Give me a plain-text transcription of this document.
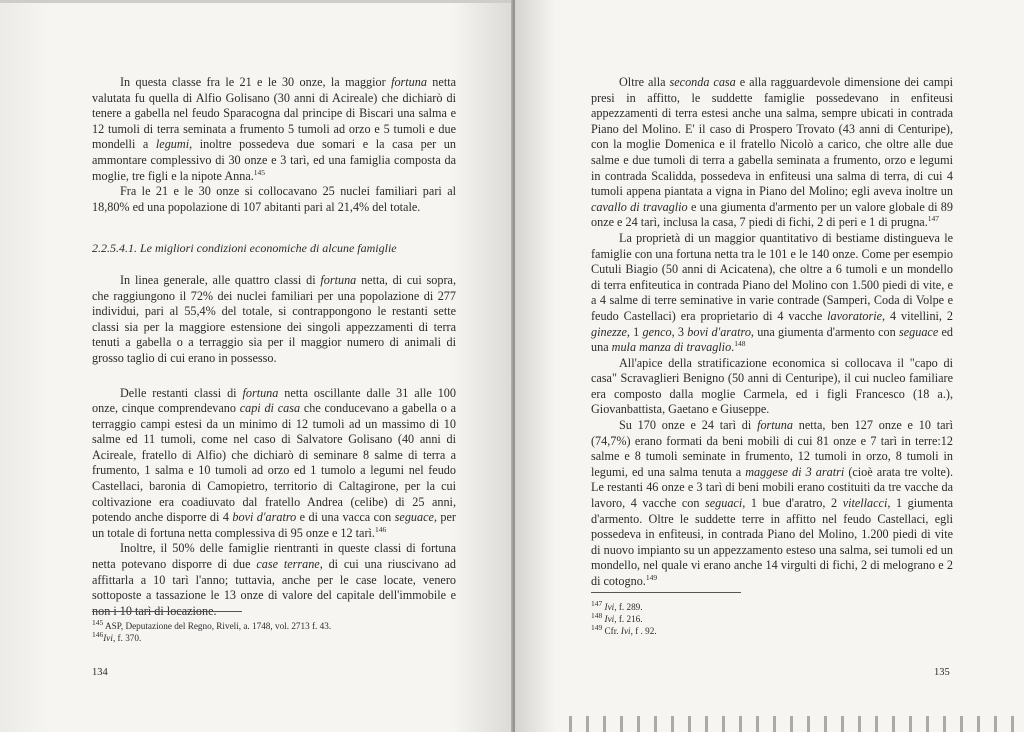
In questa classe fra le 21 e le 30 onze, la maggior fortuna netta valutata fu quella di Alfio Golisano (30 anni di Acireale) che dichiarò di tenere a gabella nel feudo Sparacogna dal principe di Biscari una salma e 12 tumoli di terra seminata a frumento 5 tumoli ad orzo e 5 tumoli e due mondelli a legumi, inoltre possedeva due somari e la casa per un ammontare complessivo di 30 onze e 3 tarì, ed una famiglia composta da moglie, tre figli e la nipote Anna.$^{145}$

Fra le 21 e le 30 onze si collocavano 25 nuclei familiari pari al 18,80% ed una popolazione di 107 abitanti pari al 21,4% del totale.

2.2.5.4.1. Le migliori condizioni economiche di alcune famiglie

In linea generale, alle quattro classi di fortuna netta, di cui sopra, che raggiungono il 72% dei nuclei familiari per una popolazione di 277 individui, pari al 55,4% del totale, si contrappongono le restanti sette classi sia per la maggiore estensione dei singoli appezzamenti di terra tenuti a gabella o a terraggio sia per il maggior numero di animali di grosso taglio di cui erano in possesso.

Delle restanti classi di fortuna netta oscillante dalle 31 alle 100 onze, cinque comprendevano capi di casa che conducevano a gabella o a terraggio campi estesi da un minimo di 12 tumoli ad un massimo di 10 salme ed 11 tumoli, come nel caso di Salvatore Golisano (40 anni di Acireale, fratello di Alfio) che dichiarò di seminare 8 salme di terra a frumento, 1 salma e 10 tumoli ad orzo ed 1 tumolo a legumi nel feudo Castellaci, baronia di Camopietro, territorio di Caltagirone, per la cui coltivazione era coadiuvato dal fratello Andrea (celibe) di 25 anni, potendo anche disporre di 4 bovi d'aratro e di una vacca con seguace, per un totale di fortuna netta complessiva di 95 onze e 12 tarì.$^{146}$

Inoltre, il 50% delle famiglie rientranti in queste classi di fortuna netta potevano disporre di due case terrane, di cui una riuscivano ad affittarla a 10 tarì l'anno; tuttavia, anche per le case locate, venero sottoposte a tassazione le 13 onze di valore del capitale dell'immobile e non i 10 tarì di locazione.

$^{145}$ ASP, Deputazione del Regno, Riveli, a. 1748, vol. 2713 f. 43.
$^{146}$Ivi, f. 370.
134

Oltre alla seconda casa e alla ragguardevole dimensione dei campi presi in affitto, le suddette famiglie possedevano in enfiteusi appezzamenti di terra estesi anche una salma, sempre ubicati in contrada Piano del Molino. E' il caso di Prospero Trovato (43 anni di Centuripe), con la moglie Domenica e il fratello Nicolò a carico, che oltre alle due salme e due tumoli di terra a gabella seminata a frumento, orzo e legumi in contrada Scalidda, possedeva in enfiteusi una salma di terra, di cui 4 tumoli appena piantata a vigna in Piano del Molino; egli aveva inoltre un cavallo di travaglio e una giumenta d'armento per un valore globale di 89 onze e 24 tarì, inclusa la casa, 7 piedi di fichi, 2 di peri e 1 di prugna.$^{147}$

La proprietà di un maggior quantitativo di bestiame distingueva le famiglie con una fortuna netta tra le 101 e le 140 onze. Come per esempio Cutuli Biagio (50 anni di Acicatena), che oltre a 6 tumoli e un mondello di terra enfiteutica in contrada Piano del Molino con 1.500 piedi di vite, e a 4 salme di terre seminative in varie contrade (Samperi, Coda di Volpe e feudo Castellaci) era proprietario di 4 vacche lavoratorie, 4 vitellini, 2 ginezze, 1 genco, 3 bovi d'aratro, una giumenta d'armento con seguace ed una mula manza di travaglio.$^{148}$

All'apice della stratificazione economica si collocava il "capo di casa" Scravaglieri Benigno (50 anni di Centuripe), il cui nucleo familiare era composto dalla moglie Carmela, ed i figli Francesco (18 a.), Giovanbattista, Gaetano e Giuseppe.

Su 170 onze e 24 tarì di fortuna netta, ben 127 onze e 10 tarì (74,7%) erano formati da beni mobili di cui 81 onze e 7 tarì in terre:12 salme e 8 tumoli seminate in frumento, 12 tumoli in orzo, 8 tumoli in legumi, ed una salma tenuta a maggese di 3 aratri (cioè arata tre volte). Le restanti 46 onze e 3 tarì di beni mobili erano costituiti da tre vacche da lavoro, 4 vacche con seguaci, 1 bue d'aratro, 2 vitellacci, 1 giumenta d'armento. Oltre le suddette terre in affitto nel feudo Castellaci, egli possedeva in enfiteusi, in contrada Piano del Molino, 1.200 piedi di vite di nuovo impianto su un appezzamento esteso una salma, sei tumoli ed un mondello, nel quale vi erano anche 14 virgulti di fichi, 2 di melograno e 2 di cotogno.$^{149}$

$^{147}$ Ivi, f. 289.
$^{148}$ Ivi, f. 216.
$^{149}$ Cfr. Ivi, f . 92.
135
